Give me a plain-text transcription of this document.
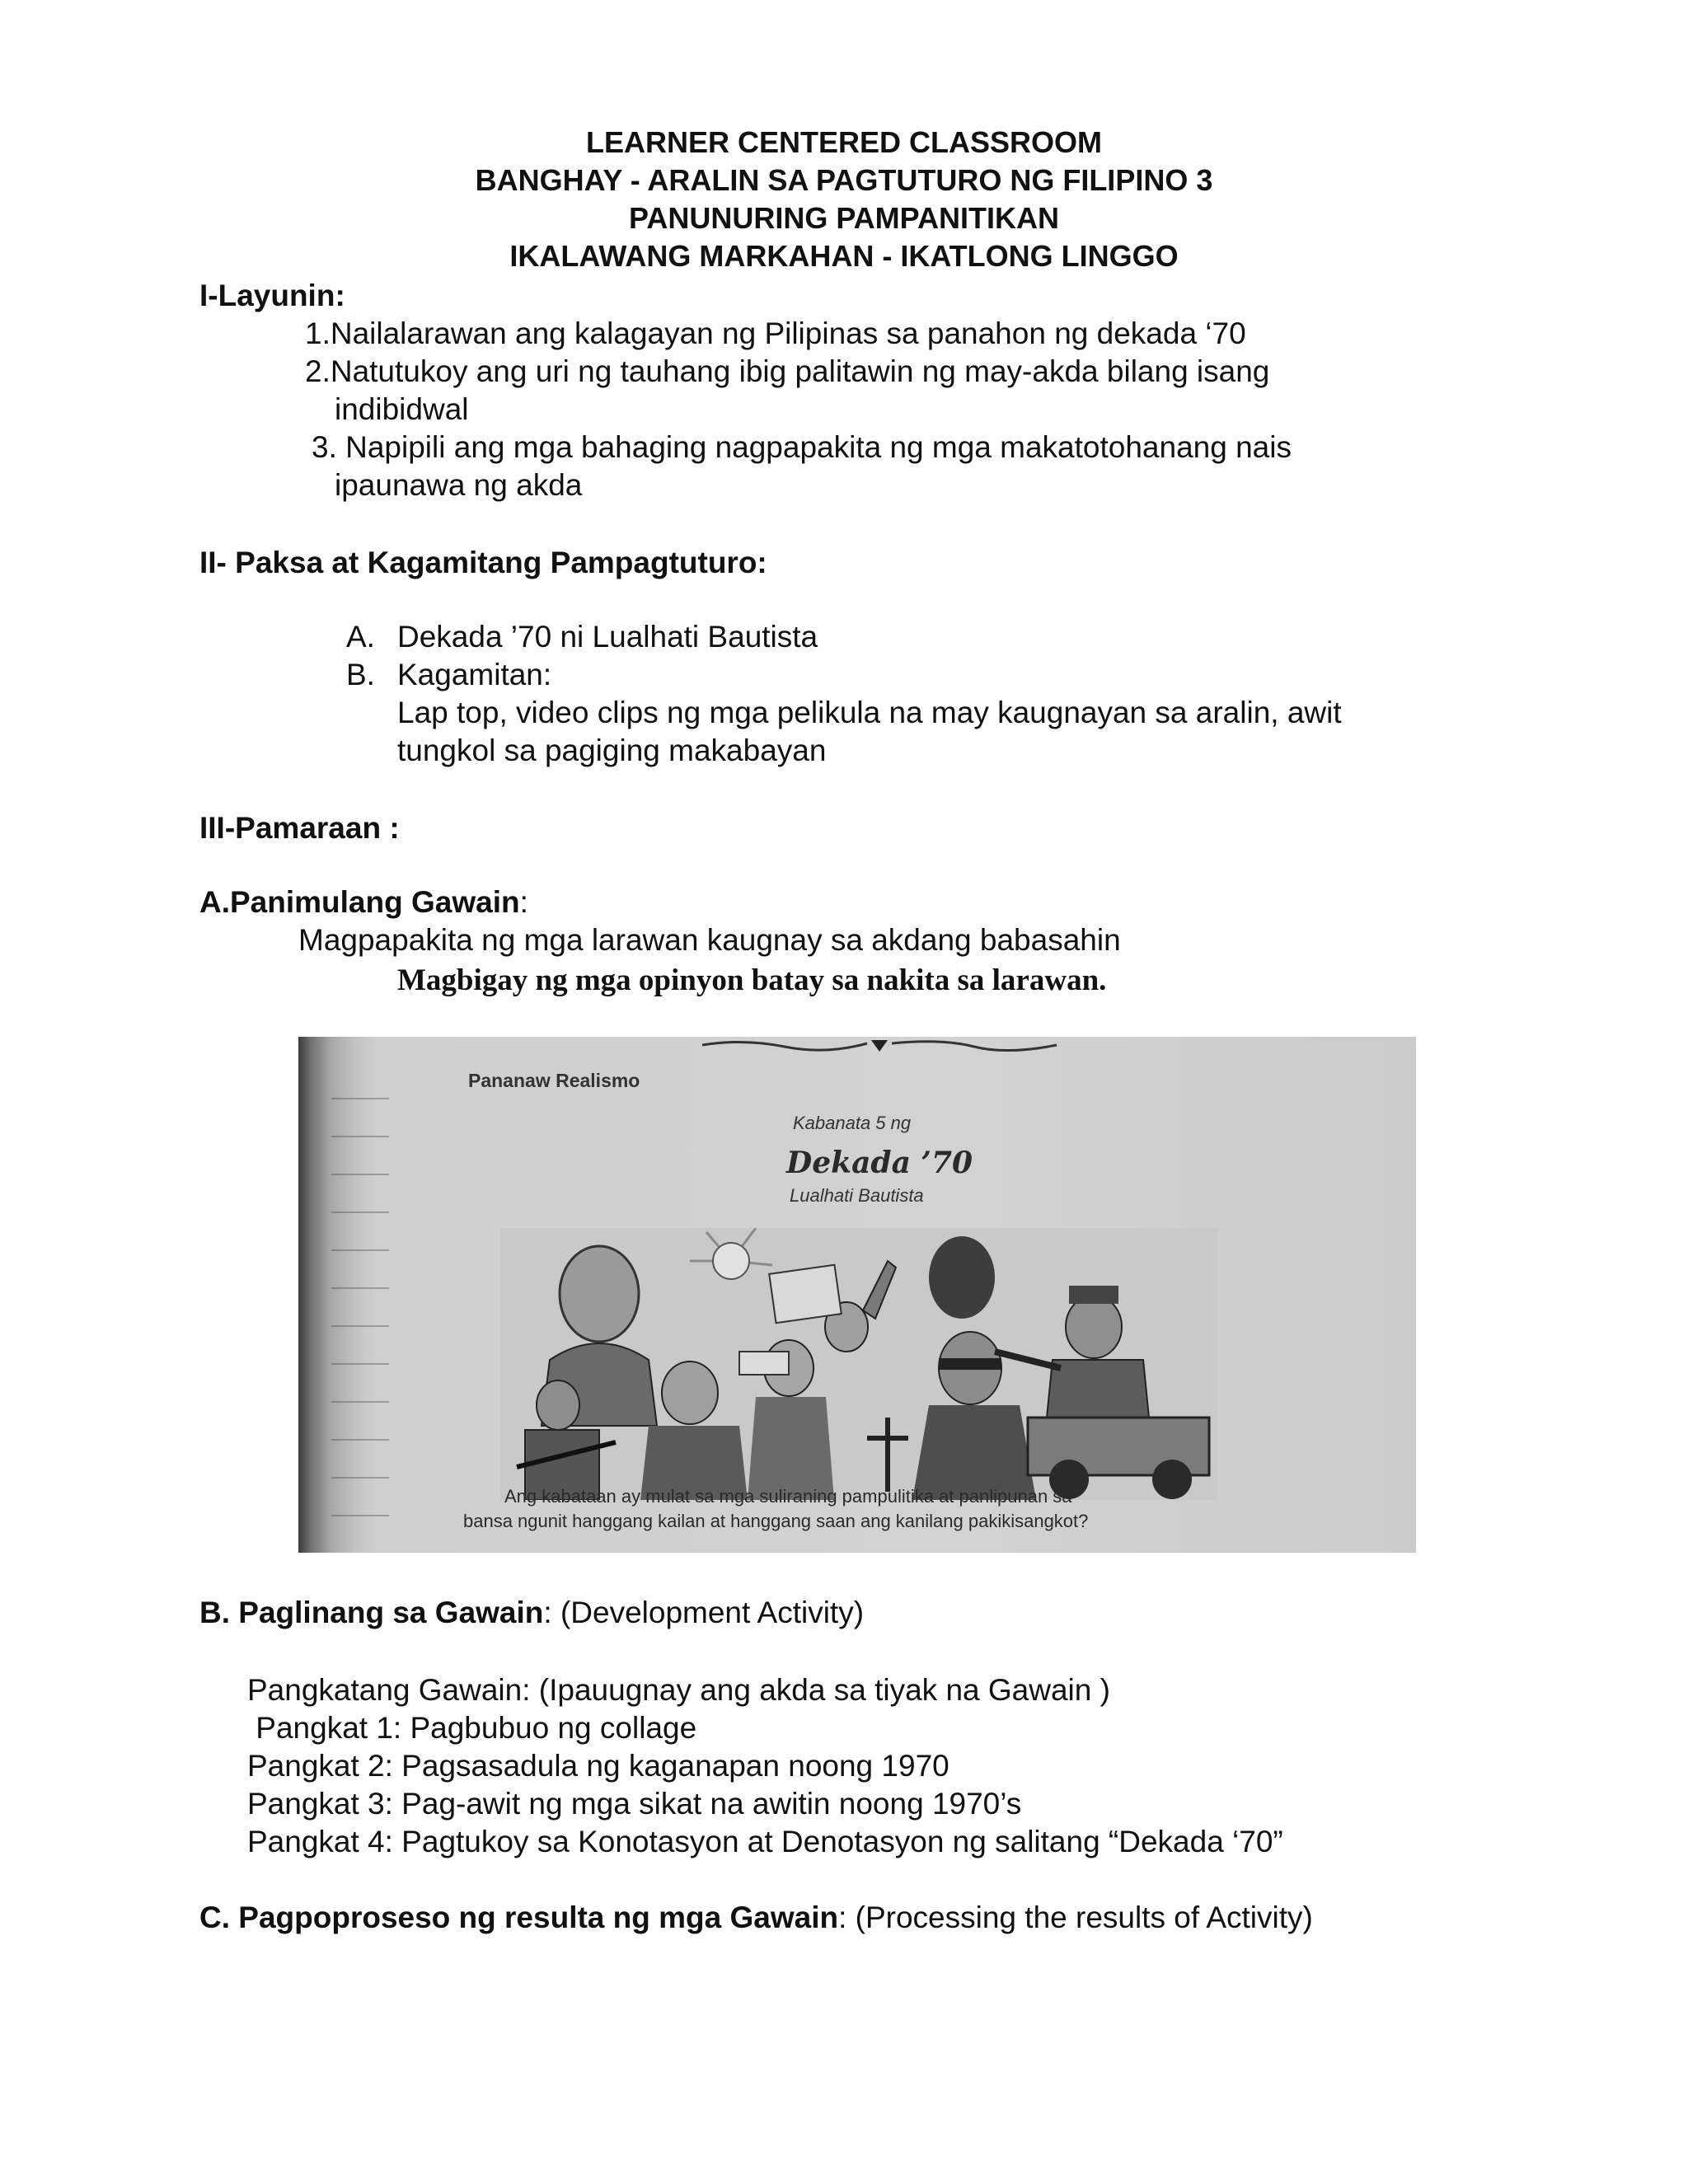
LEARNER CENTERED CLASSROOM
BANGHAY - ARALIN SA PAGTUTURO NG FILIPINO 3
PANUNURING PAMPANITIKAN
IKALAWANG MARKAHAN - IKATLONG LINGGO
I-Layunin:
1.Nailalarawan ang kalagayan ng Pilipinas sa panahon ng dekada ‘70
2.Natutukoy ang uri ng tauhang ibig palitawin ng may-akda bilang isang
indibidwal
3. Napipili ang mga bahaging nagpapakita ng mga makatotohanang nais
ipaunawa ng akda
II- Paksa at Kagamitang Pampagtuturo:
A. Dekada ’70 ni Lualhati Bautista
B. Kagamitan:
Lap top, video clips ng mga pelikula na may kaugnayan sa aralin, awit
tungkol sa pagiging makabayan
III-Pamaraan :
A.Panimulang Gawain:
Magpapakita ng mga larawan kaugnay sa akdang babasahin
Magbigay ng mga opinyon batay sa nakita sa larawan.
Pananaw Realismo
Kabanata 5 ng
Dekada ’70
Lualhati Bautista
Ang kabataan ay mulat sa mga suliraning pampulitika at panlipunan sa
bansa ngunit hanggang kailan at hanggang saan ang kanilang pakikisangkot?
B. Paglinang sa Gawain: (Development Activity)
Pangkatang Gawain: (Ipauugnay ang akda sa tiyak na Gawain )
Pangkat 1: Pagbubuo ng collage
Pangkat 2: Pagsasadula ng kaganapan noong 1970
Pangkat 3: Pag-awit ng mga sikat na awitin noong 1970’s
Pangkat 4: Pagtukoy sa Konotasyon at Denotasyon ng salitang “Dekada ‘70”
C. Pagpoproseso ng resulta ng mga Gawain: (Processing the results of Activity)
